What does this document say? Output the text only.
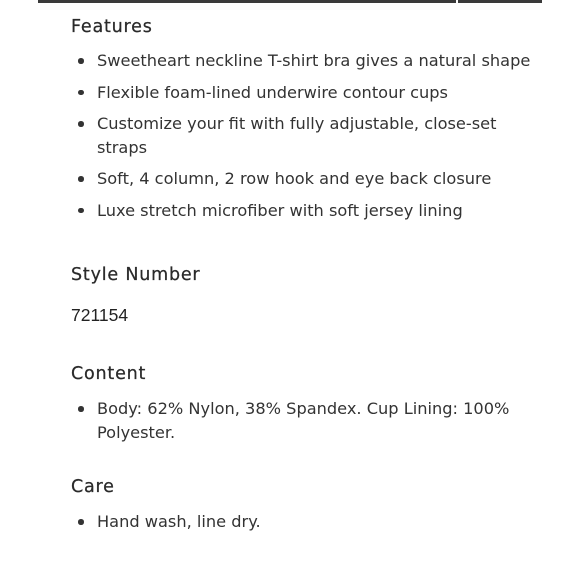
Features
Sweetheart neckline T-shirt bra gives a natural shape
Flexible foam-lined underwire contour cups
Customize your fit with fully adjustable, close-set straps
Soft, 4 column, 2 row hook and eye back closure
Luxe stretch microfiber with soft jersey lining
Style Number
721154
Content
Body: 62% Nylon, 38% Spandex. Cup Lining: 100% Polyester.
Care
Hand wash, line dry.
